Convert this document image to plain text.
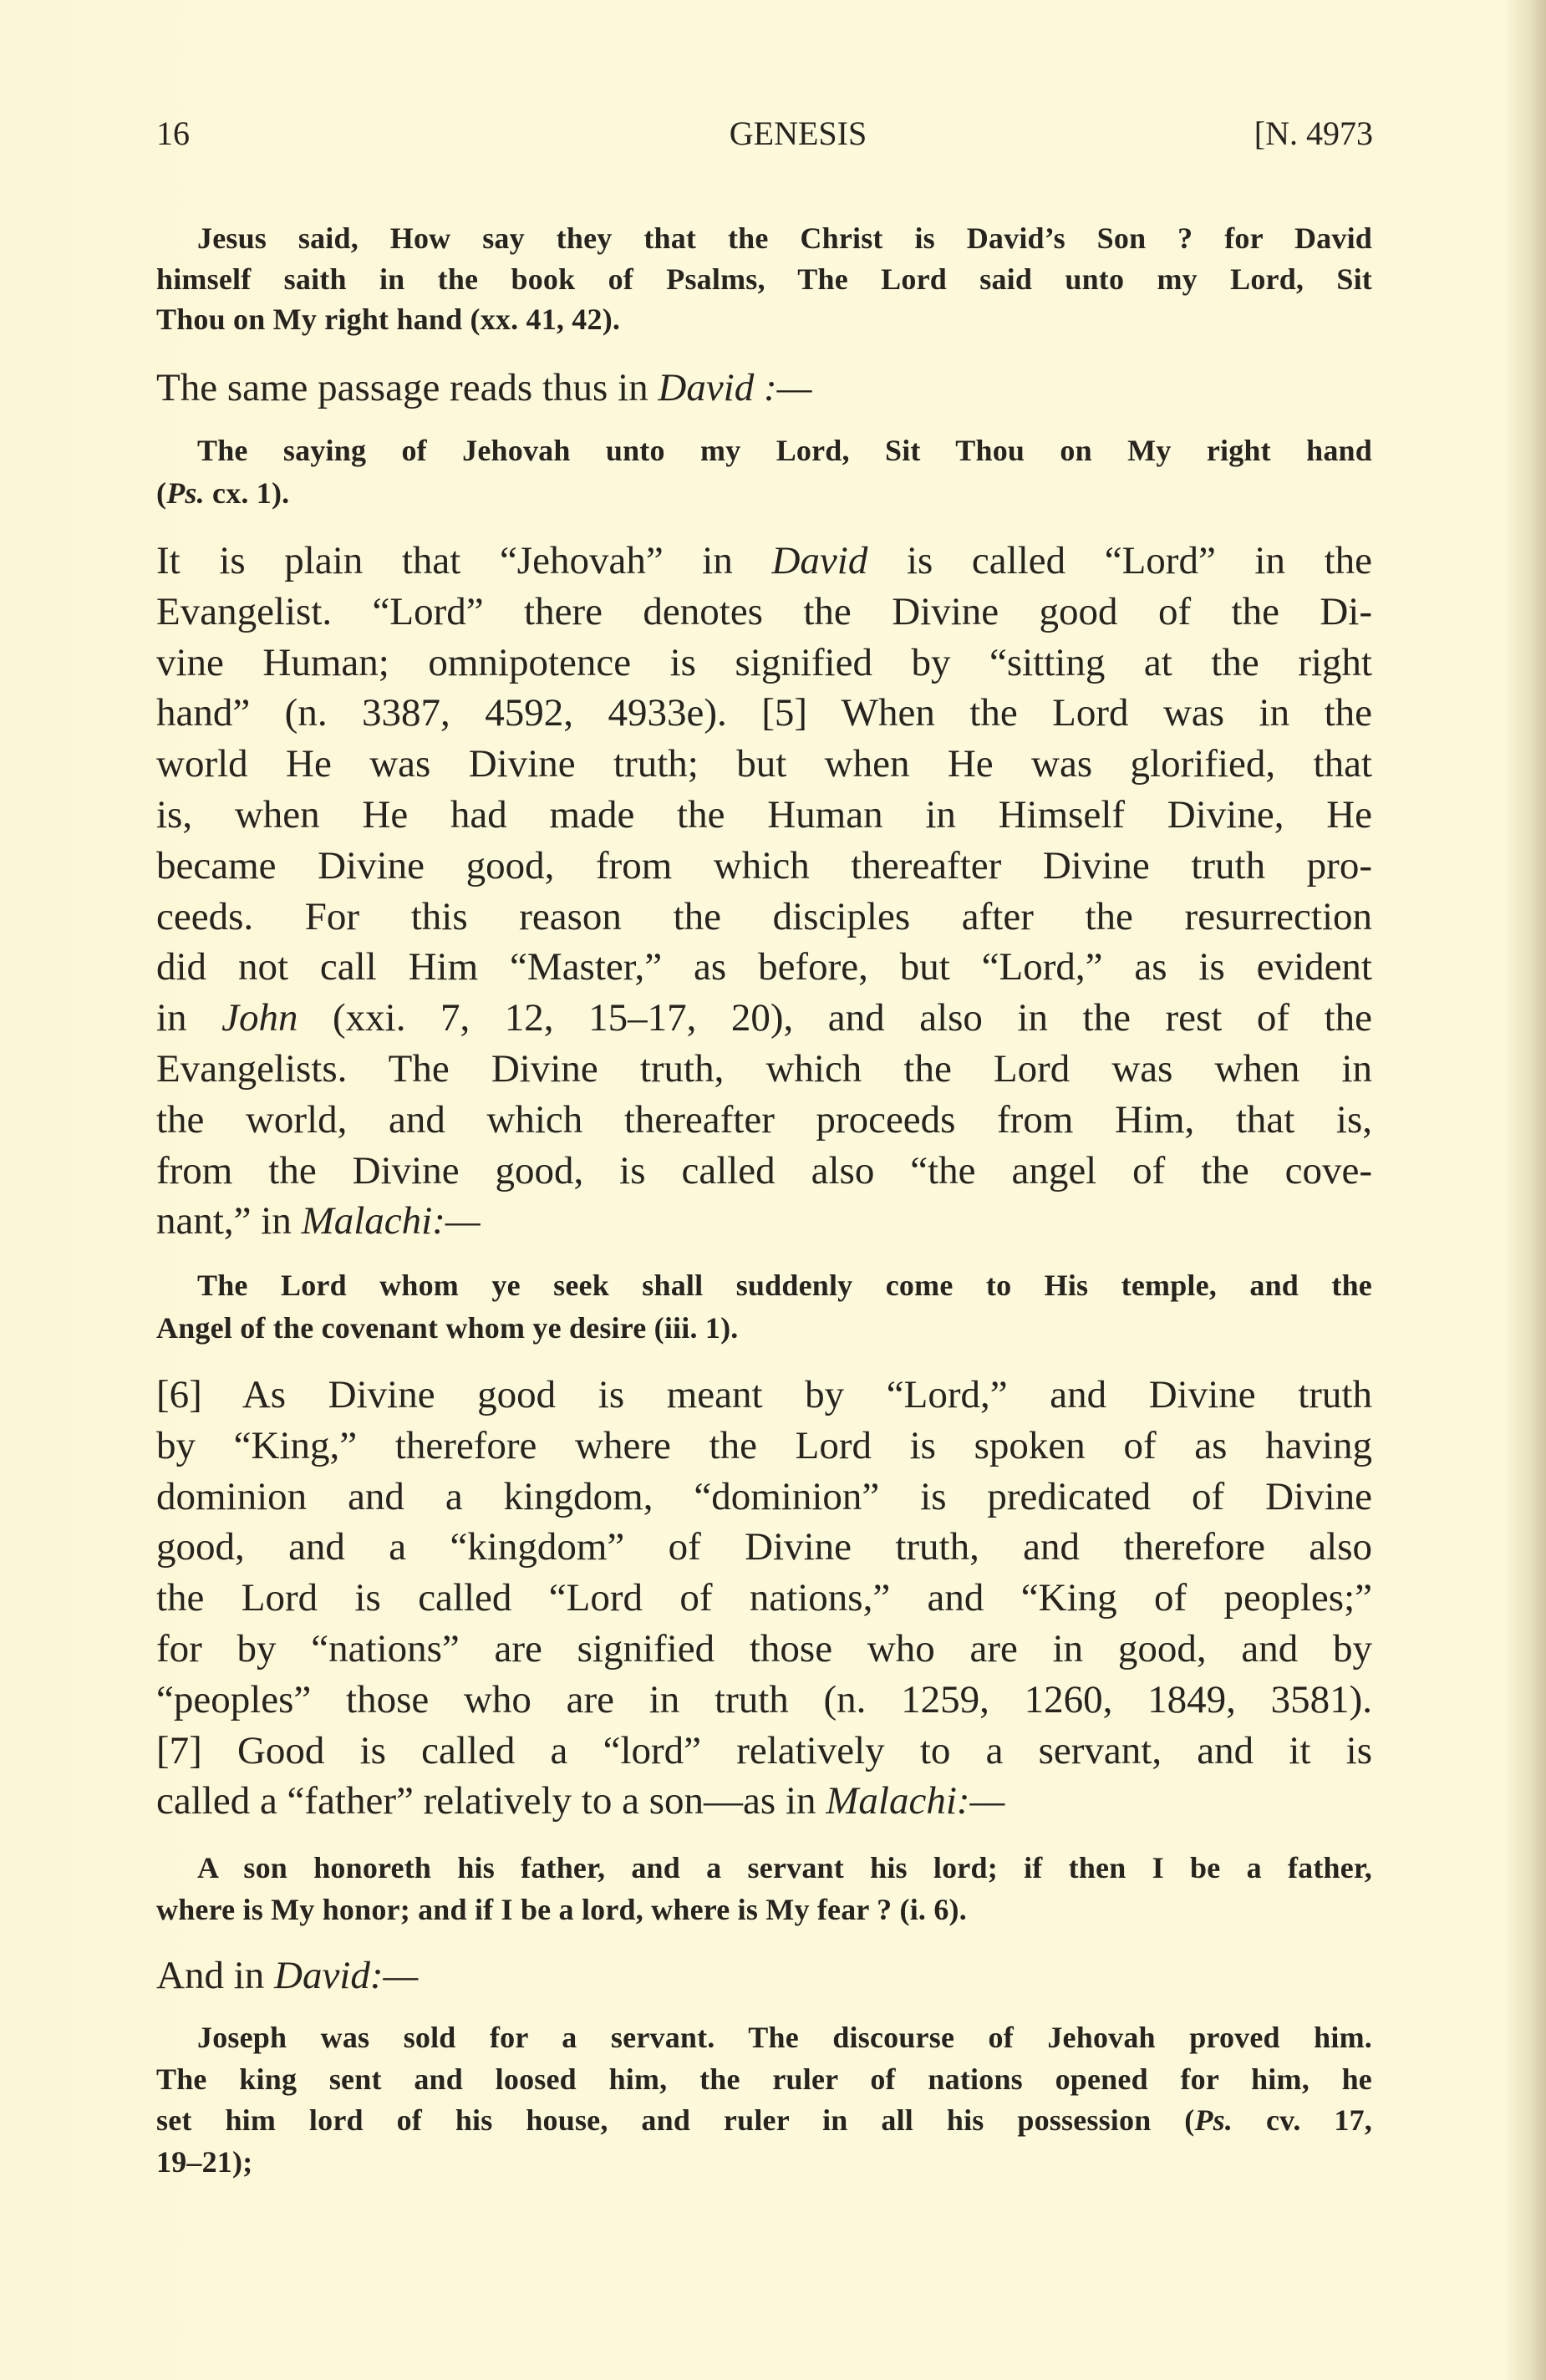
16	GENESIS	[N. 4973
Jesus said, How say they that the Christ is David’s Son ? for David
himself saith in the book of Psalms, The Lord said unto my Lord, Sit
Thou on My right hand (xx. 41, 42).
The same passage reads thus in David :—
The saying of Jehovah unto my Lord, Sit Thou on My right hand
(Ps. cx. 1).
It is plain that “Jehovah” in David is called “Lord” in the
Evangelist. “Lord” there denotes the Divine good of the Di-
vine Human; omnipotence is signified by “sitting at the right
hand” (n. 3387, 4592, 4933e). [5] When the Lord was in the
world He was Divine truth; but when He was glorified, that
is, when He had made the Human in Himself Divine, He
became Divine good, from which thereafter Divine truth pro-
ceeds. For this reason the disciples after the resurrection
did not call Him “Master,” as before, but “Lord,” as is evident
in John (xxi. 7, 12, 15–17, 20), and also in the rest of the
Evangelists. The Divine truth, which the Lord was when in
the world, and which thereafter proceeds from Him, that is,
from the Divine good, is called also “the angel of the cove-
nant,” in Malachi:—
The Lord whom ye seek shall suddenly come to His temple, and the
Angel of the covenant whom ye desire (iii. 1).
[6] As Divine good is meant by “Lord,” and Divine truth
by “King,” therefore where the Lord is spoken of as having
dominion and a kingdom, “dominion” is predicated of Divine
good, and a “kingdom” of Divine truth, and therefore also
the Lord is called “Lord of nations,” and “King of peoples;”
for by “nations” are signified those who are in good, and by
“peoples” those who are in truth (n. 1259, 1260, 1849, 3581).
[7] Good is called a “lord” relatively to a servant, and it is
called a “father” relatively to a son—as in Malachi:—
A son honoreth his father, and a servant his lord; if then I be a father,
where is My honor; and if I be a lord, where is My fear ? (i. 6).
And in David:—
Joseph was sold for a servant. The discourse of Jehovah proved him.
The king sent and loosed him, the ruler of nations opened for him, he
set him lord of his house, and ruler in all his possession (Ps. cv. 17,
19–21);
